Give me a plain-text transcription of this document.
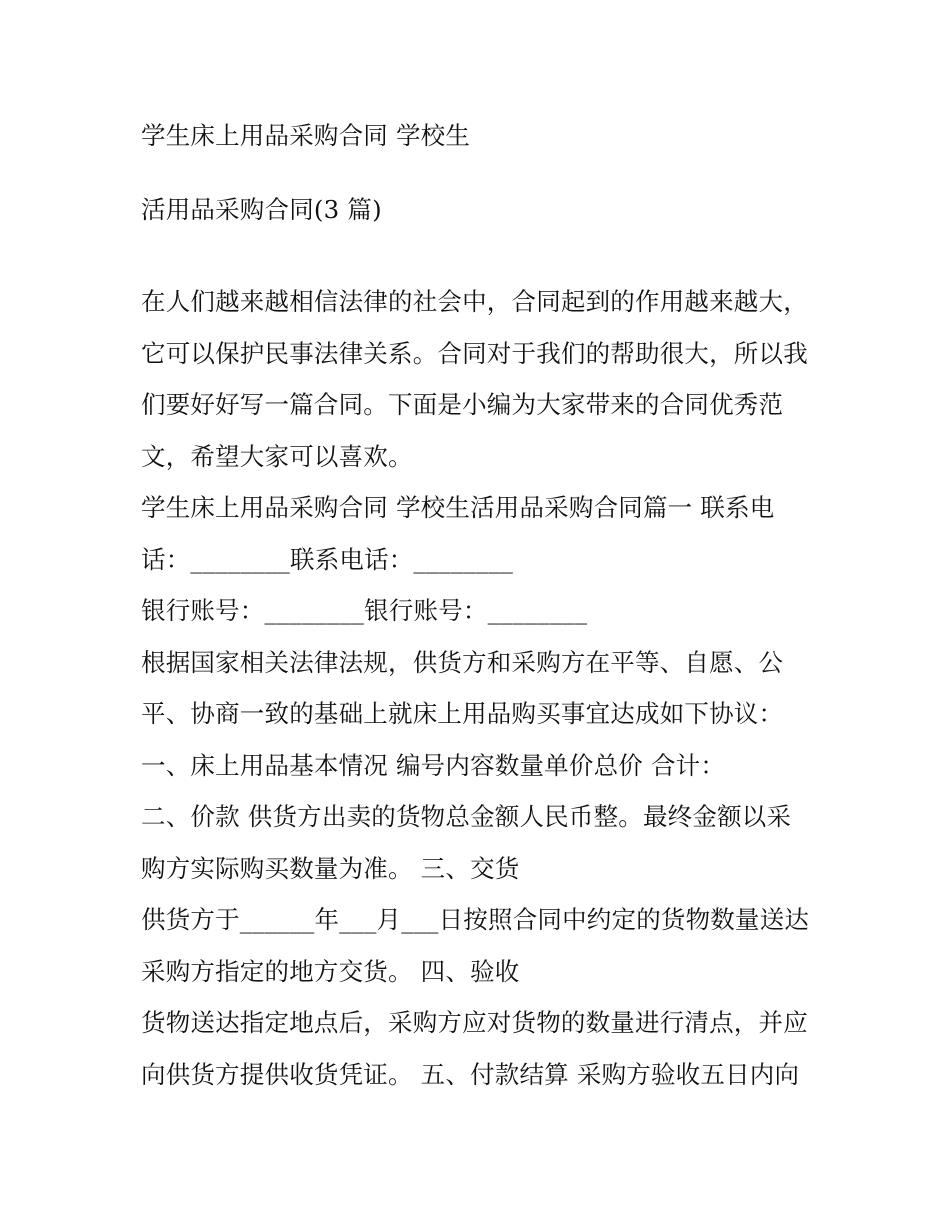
学生床上用品采购合同 学校生
活用品采购合同(3 篇)
在人们越来越相信法律的社会中，合同起到的作用越来越大，
它可以保护民事法律关系。合同对于我们的帮助很大，所以我
们要好好写一篇合同。下面是小编为大家带来的合同优秀范
文，希望大家可以喜欢。
学生床上用品采购合同 学校生活用品采购合同篇一 联系电
话：________联系电话：________
银行账号：________银行账号：________
根据国家相关法律法规，供货方和采购方在平等、自愿、公
平、协商一致的基础上就床上用品购买事宜达成如下协议：
一、床上用品基本情况 编号内容数量单价总价 合计：
二、价款 供货方出卖的货物总金额人民币整。最终金额以采
购方实际购买数量为准。 三、交货
供货方于______年___月___日按照合同中约定的货物数量送达
采购方指定的地方交货。 四、验收
货物送达指定地点后，采购方应对货物的数量进行清点，并应
向供货方提供收货凭证。 五、付款结算 采购方验收五日内向
